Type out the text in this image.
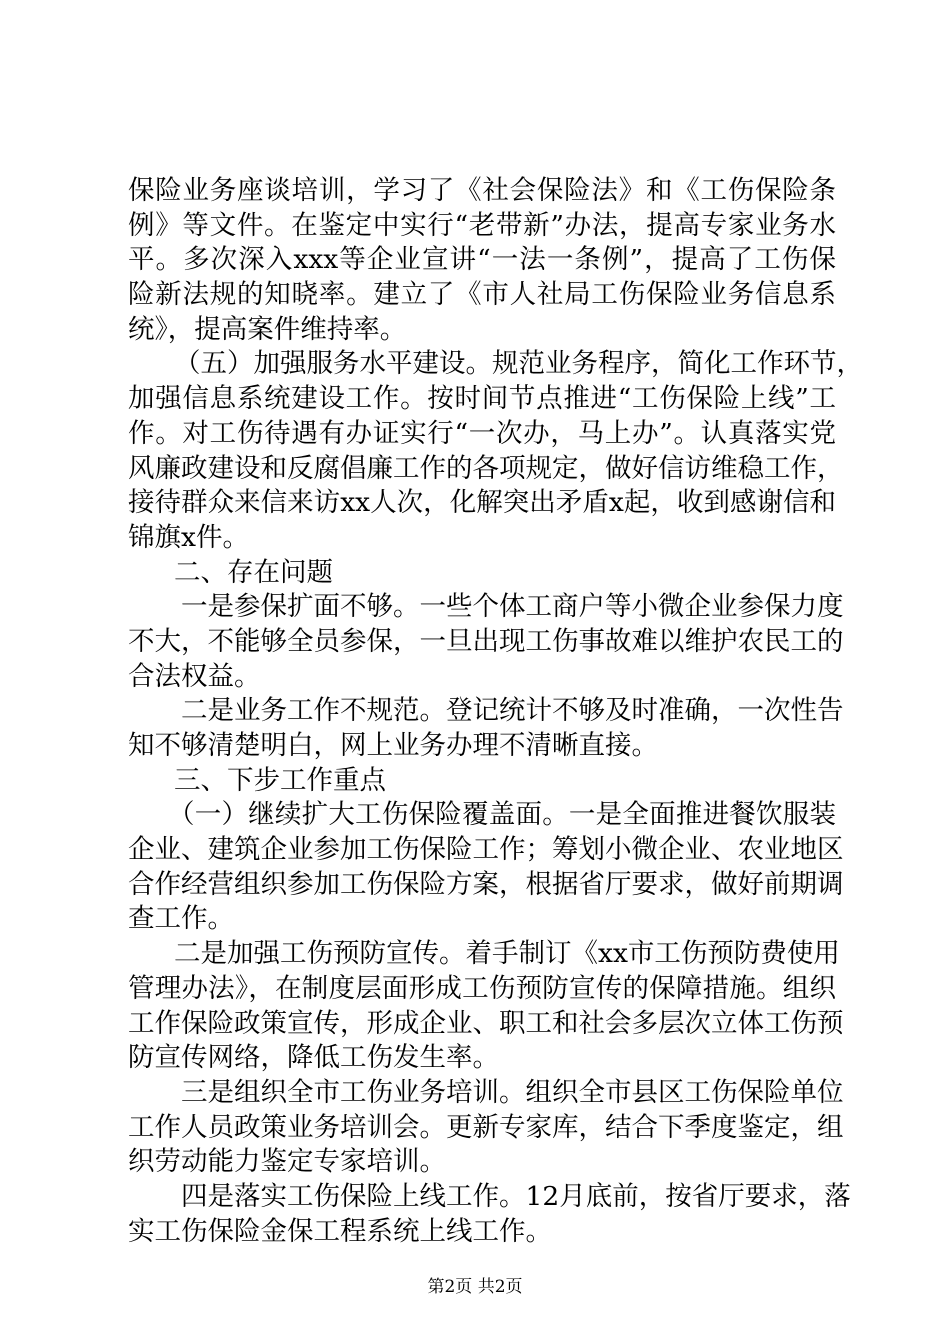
保险业务座谈培训，学习了《社会保险法》和《工伤保险条
例》等文件。在鉴定中实行“老带新”办法，提高专家业务水
平。多次深入xxx等企业宣讲“一法一条例”，提高了工伤保
险新法规的知晓率。建立了《市人社局工伤保险业务信息系
统》，提高案件维持率。
（五）加强服务水平建设。规范业务程序，简化工作环节，
加强信息系统建设工作。按时间节点推进“工伤保险上线”工
作。对工伤待遇有办证实行“一次办，马上办”。认真落实党
风廉政建设和反腐倡廉工作的各项规定，做好信访维稳工作，
接待群众来信来访xx人次，化解突出矛盾x起，收到感谢信和
锦旗x件。
二、存在问题
一是参保扩面不够。一些个体工商户等小微企业参保力度
不大，不能够全员参保，一旦出现工伤事故难以维护农民工的
合法权益。
二是业务工作不规范。登记统计不够及时准确，一次性告
知不够清楚明白，网上业务办理不清晰直接。
三、下步工作重点
（一）继续扩大工伤保险覆盖面。一是全面推进餐饮服装
企业、建筑企业参加工伤保险工作；筹划小微企业、农业地区
合作经营组织参加工伤保险方案，根据省厅要求，做好前期调
查工作。
二是加强工伤预防宣传。着手制订《xx市工伤预防费使用
管理办法》，在制度层面形成工伤预防宣传的保障措施。组织
工作保险政策宣传，形成企业、职工和社会多层次立体工伤预
防宣传网络，降低工伤发生率。
三是组织全市工伤业务培训。组织全市县区工伤保险单位
工作人员政策业务培训会。更新专家库，结合下季度鉴定，组
织劳动能力鉴定专家培训。
四是落实工伤保险上线工作。12月底前，按省厅要求，落
实工伤保险金保工程系统上线工作。
第2页 共2页
